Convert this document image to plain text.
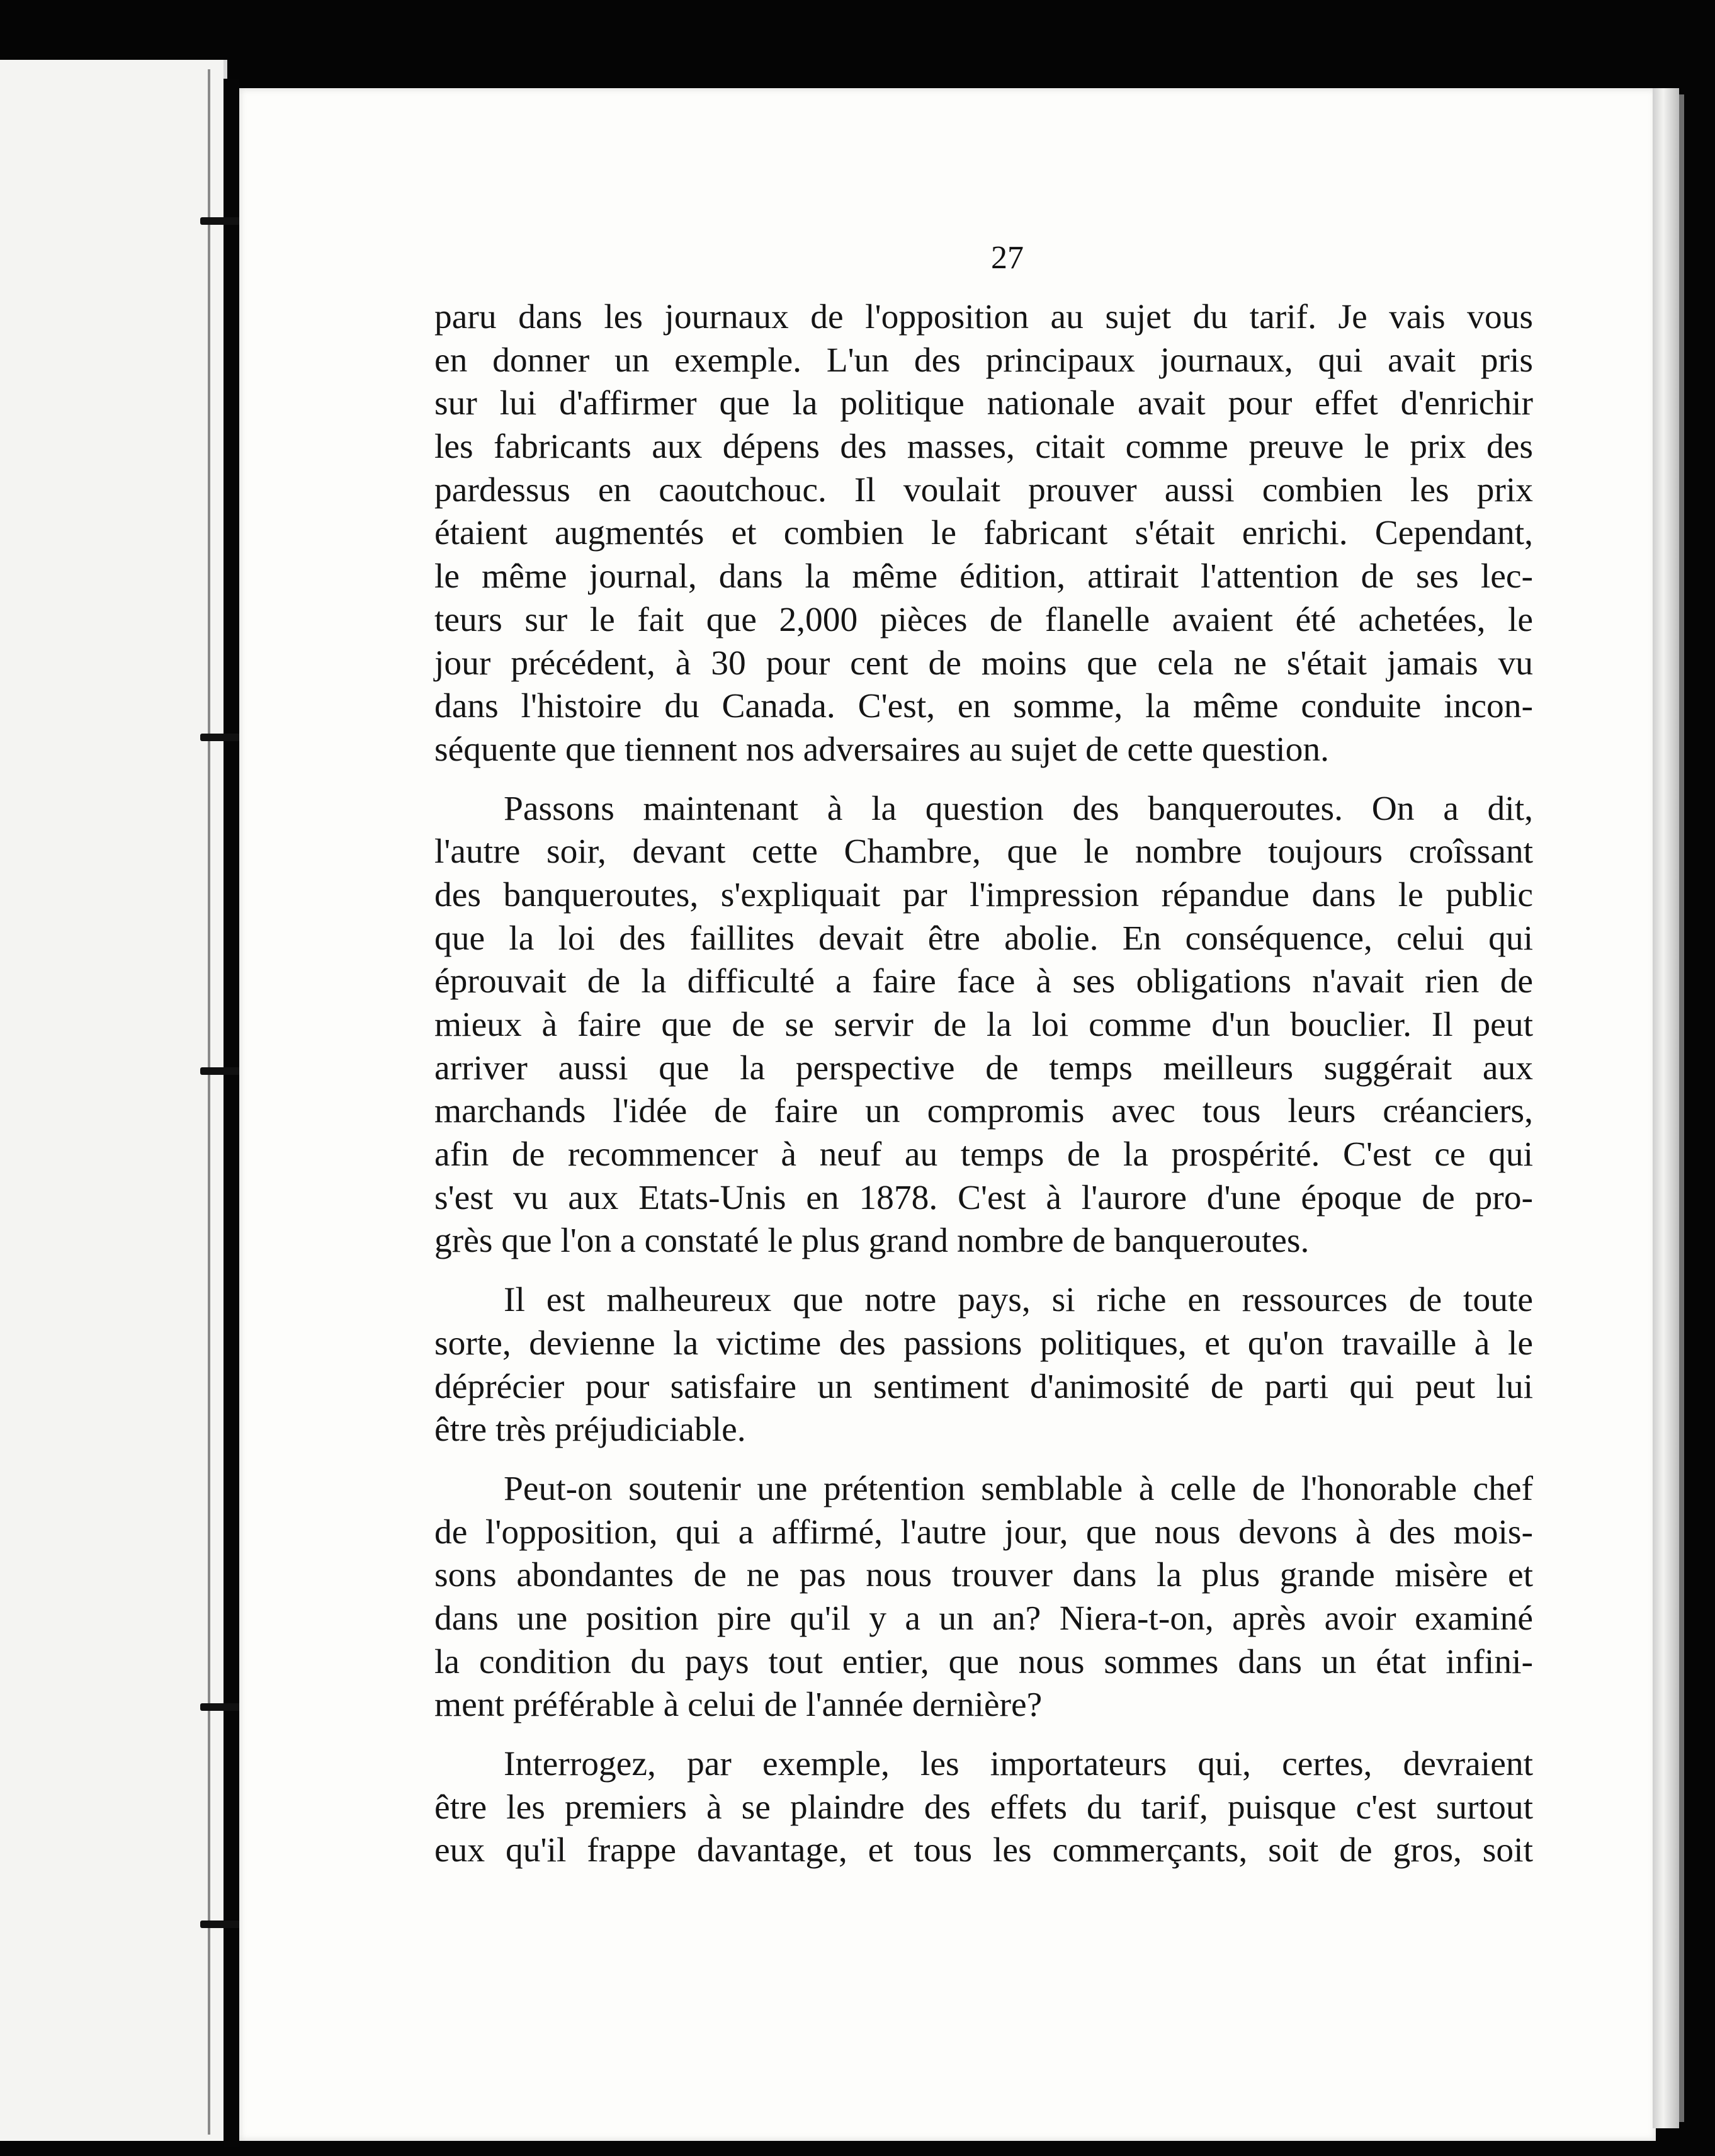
27
paru dans les journaux de l'opposition au sujet du tarif. Je vais vous
en donner un exemple. L'un des principaux journaux, qui avait pris
sur lui d'affirmer que la politique nationale avait pour effet d'enrichir
les fabricants aux dépens des masses, citait comme preuve le prix des
pardessus en caoutchouc. Il voulait prouver aussi combien les prix
étaient augmentés et combien le fabricant s'était enrichi. Cependant,
le même journal, dans la même édition, attirait l'attention de ses lec-
teurs sur le fait que 2,000 pièces de flanelle avaient été achetées, le
jour précédent, à 30 pour cent de moins que cela ne s'était jamais vu
dans l'histoire du Canada. C'est, en somme, la même conduite incon-
séquente que tiennent nos adversaires au sujet de cette question.
Passons maintenant à la question des banqueroutes. On a dit,
l'autre soir, devant cette Chambre, que le nombre toujours croîssant
des banqueroutes, s'expliquait par l'impression répandue dans le public
que la loi des faillites devait être abolie. En conséquence, celui qui
éprouvait de la difficulté a faire face à ses obligations n'avait rien de
mieux à faire que de se servir de la loi comme d'un bouclier. Il peut
arriver aussi que la perspective de temps meilleurs suggérait aux
marchands l'idée de faire un compromis avec tous leurs créanciers,
afin de recommencer à neuf au temps de la prospérité. C'est ce qui
s'est vu aux Etats-Unis en 1878. C'est à l'aurore d'une époque de pro-
grès que l'on a constaté le plus grand nombre de banqueroutes.
Il est malheureux que notre pays, si riche en ressources de toute
sorte, devienne la victime des passions politiques, et qu'on travaille à le
déprécier pour satisfaire un sentiment d'animosité de parti qui peut lui
être très préjudiciable.
Peut-on soutenir une prétention semblable à celle de l'honorable chef
de l'opposition, qui a affirmé, l'autre jour, que nous devons à des mois-
sons abondantes de ne pas nous trouver dans la plus grande misère et
dans une position pire qu'il y a un an? Niera-t-on, après avoir examiné
la condition du pays tout entier, que nous sommes dans un état infini-
ment préférable à celui de l'année dernière?
Interrogez, par exemple, les importateurs qui, certes, devraient
être les premiers à se plaindre des effets du tarif, puisque c'est surtout
eux qu'il frappe davantage, et tous les commerçants, soit de gros, soit
